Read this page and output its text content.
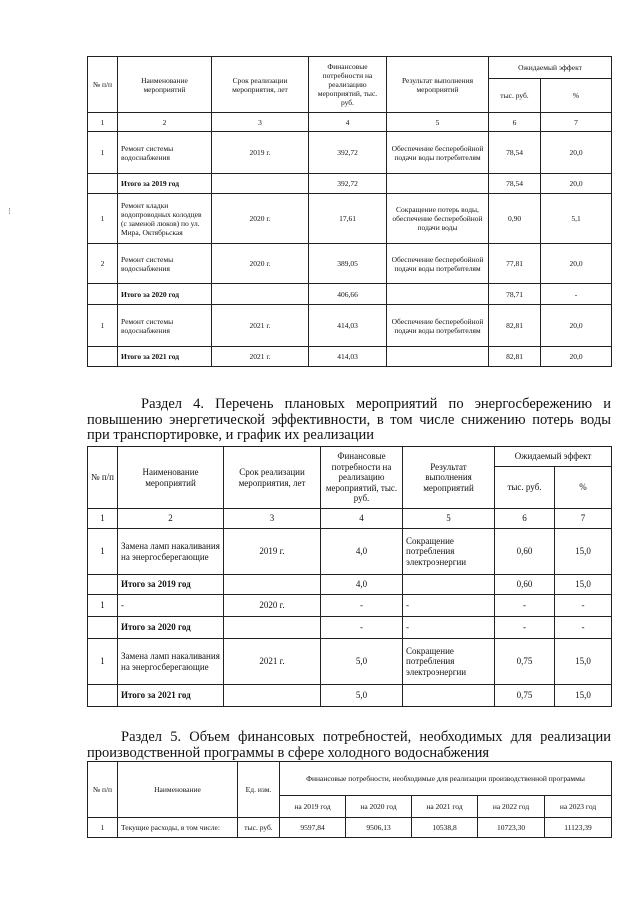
⁝
№ п/п	Наименование мероприятий	Срок реализации мероприятия, лет	Финансовые потребности на реализацию мероприятий, тыс. руб.	Результат выполнения мероприятий	Ожидаемый эффект	
					тыс. руб.	%
1	2	3	4	5	6	7
1	Ремонт системы водоснабжения	2019 г.	392,72	Обеспечение бесперебойной подачи воды потребителям	78,54	20,0
	Итого за 2019 год		392,72		78,54	20,0
1	Ремонт кладки водопроводных колодцев (с заменой люков) по ул. Мира, Октябрьская	2020 г.	17,61	Сокращение потерь воды, обеспечение бесперебойной подачи воды	0,90	5,1
2	Ремонт системы водоснабжения	2020 г.	389,05	Обеспечение бесперебойной подачи воды потребителям	77,81	20,0
	Итого за 2020 год		406,66		78,71	-
1	Ремонт системы водоснабжения	2021 г.	414,03	Обеспечение бесперебойной подачи воды потребителям	82,81	20,0
	Итого за 2021 год	2021 г.	414,03		82,81	20,0
Раздел 4. Перечень плановых мероприятий по энергосбережению и повышению энергетической эффективности, в том числе снижению потерь воды при транспортировке, и график их реализации
№ п/п	Наименование мероприятий	Срок реализации мероприятия, лет	Финансовые потребности на реализацию мероприятий, тыс. руб.	Результат выполнения мероприятий	Ожидаемый эффект	
					тыс. руб.	%
1	2	3	4	5	6	7
1	Замена ламп накаливания на энергосберегающие	2019 г.	4,0	Сокращение потребления электроэнергии	0,60	15,0
	Итого за 2019 год		4,0		0,60	15,0
1	-	2020 г.	-	-	-	-
	Итого за 2020 год		-	-	-	-
1	Замена ламп накаливания на энергосберегающие	2021 г.	5,0	Сокращение потребления электроэнергии	0,75	15,0
	Итого за 2021 год		5,0		0,75	15,0
Раздел 5. Объем финансовых потребностей, необходимых для реализации производственной программы в сфере холодного водоснабжения
№ п/п	Наименование	Ед. изм.	Финансовые потребности, необходимые для реализации производственной программы				
			на 2019 год	на 2020 год	на 2021 год	на 2022 год	на 2023 год
1	Текущие расходы, в том числе:	тыс. руб.	9597,84	9506,13	10538,8	10723,30	11123,39
